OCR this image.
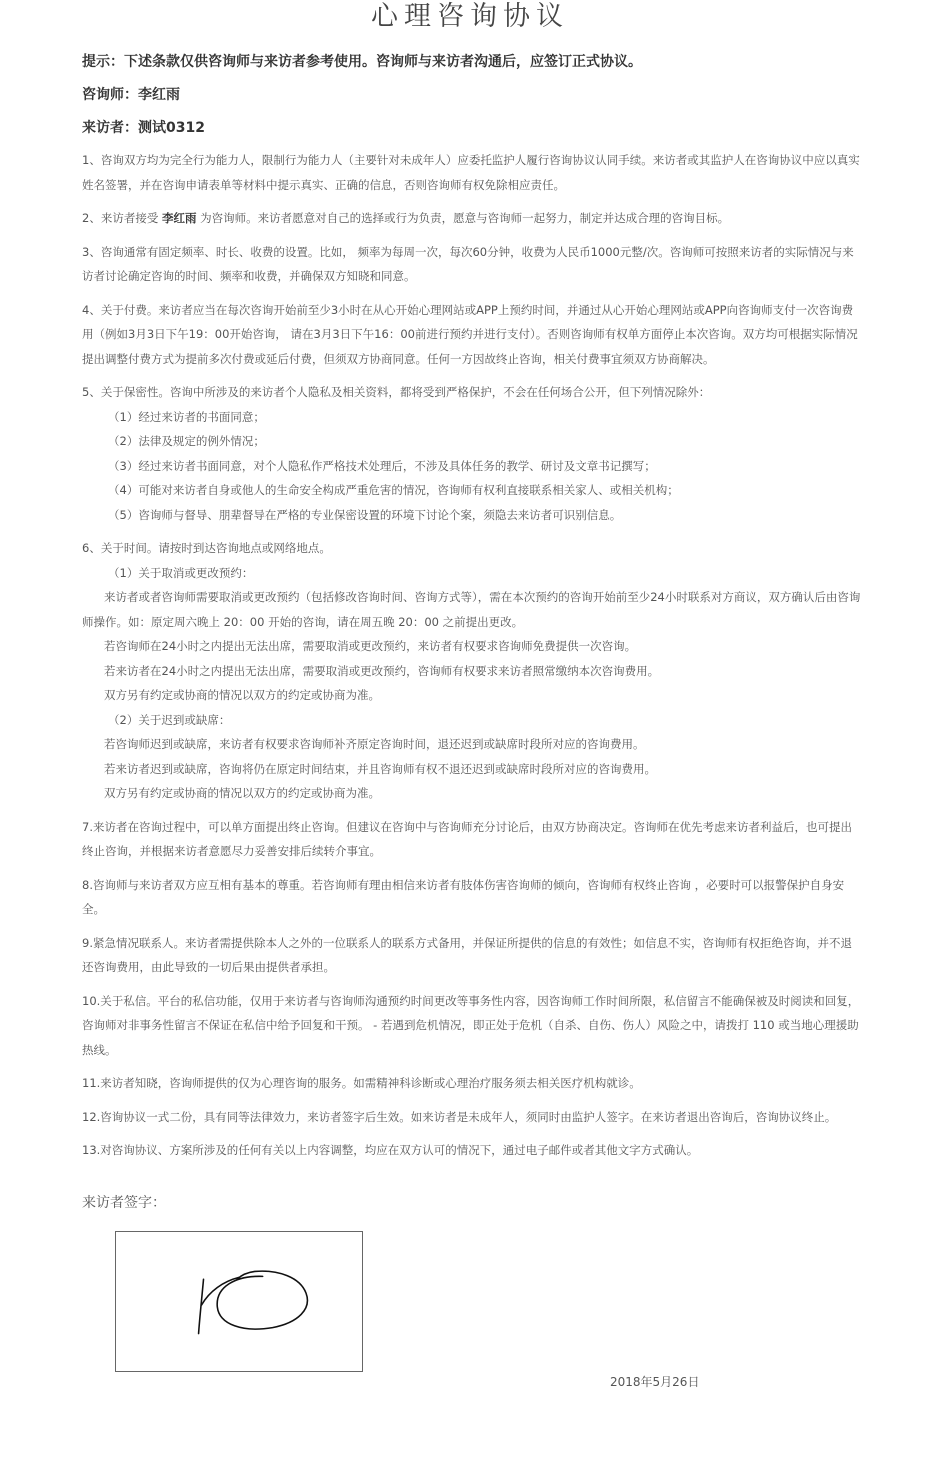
心理咨询协议
提示：下述条款仅供咨询师与来访者参考使用。咨询师与来访者沟通后，应签订正式协议。
咨询师：李红雨
来访者：测试0312

1、咨询双方均为完全行为能力人，限制行为能力人（主要针对未成年人）应委托监护人履行咨询协议认同手续。来访者或其监护人在咨询协议中应以真实姓名签署，并在咨询申请表单等材料中提示真实、正确的信息，否则咨询师有权免除相应责任。

2、来访者接受 李红雨 为咨询师。来访者愿意对自己的选择或行为负责，愿意与咨询师一起努力，制定并达成合理的咨询目标。

3、咨询通常有固定频率、时长、收费的设置。比如， 频率为每周一次，每次60分钟，收费为人民币1000元整/次。咨询师可按照来访者的实际情况与来访者讨论确定咨询的时间、频率和收费，并确保双方知晓和同意。

4、关于付费。来访者应当在每次咨询开始前至少3小时在从心开始心理网站或APP上预约时间，并通过从心开始心理网站或APP向咨询师支付一次咨询费用（例如3月3日下午19：00开始咨询， 请在3月3日下午16：00前进行预约并进行支付）。否则咨询师有权单方面停止本次咨询。双方均可根据实际情况提出调整付费方式为提前多次付费或延后付费，但须双方协商同意。任何一方因故终止咨询，相关付费事宜须双方协商解决。

5、关于保密性。咨询中所涉及的来访者个人隐私及相关资料，都将受到严格保护，不会在任何场合公开，但下列情况除外：

（1）经过来访者的书面同意；

（2）法律及规定的例外情况；

（3）经过来访者书面同意，对个人隐私作严格技术处理后，不涉及具体任务的教学、研讨及文章书记撰写；

（4）可能对来访者自身或他人的生命安全构成严重危害的情况，咨询师有权利直接联系相关家人、或相关机构；

（5）咨询师与督导、朋辈督导在严格的专业保密设置的环境下讨论个案，须隐去来访者可识别信息。

6、关于时间。请按时到达咨询地点或网络地点。

（1）关于取消或更改预约：

来访者或者咨询师需要取消或更改预约（包括修改咨询时间、咨询方式等），需在本次预约的咨询开始前至少24小时联系对方商议，双方确认后由咨询师操作。如：原定周六晚上 20：00 开始的咨询，请在周五晚 20：00 之前提出更改。

若咨询师在24小时之内提出无法出席，需要取消或更改预约，来访者有权要求咨询师免费提供一次咨询。

若来访者在24小时之内提出无法出席，需要取消或更改预约，咨询师有权要求来访者照常缴纳本次咨询费用。

双方另有约定或协商的情况以双方的约定或协商为准。

（2）关于迟到或缺席：

若咨询师迟到或缺席，来访者有权要求咨询师补齐原定咨询时间，退还迟到或缺席时段所对应的咨询费用。

若来访者迟到或缺席，咨询将仍在原定时间结束，并且咨询师有权不退还迟到或缺席时段所对应的咨询费用。

双方另有约定或协商的情况以双方的约定或协商为准。

7.来访者在咨询过程中，可以单方面提出终止咨询。但建议在咨询中与咨询师充分讨论后，由双方协商决定。咨询师在优先考虑来访者利益后，也可提出终止咨询，并根据来访者意愿尽力妥善安排后续转介事宜。

8.咨询师与来访者双方应互相有基本的尊重。若咨询师有理由相信来访者有肢体伤害咨询师的倾向，咨询师有权终止咨询 ，必要时可以报警保护自身安全。

9.紧急情况联系人。来访者需提供除本人之外的一位联系人的联系方式备用，并保证所提供的信息的有效性；如信息不实，咨询师有权拒绝咨询，并不退还咨询费用，由此导致的一切后果由提供者承担。

10.关于私信。平台的私信功能，仅用于来访者与咨询师沟通预约时间更改等事务性内容，因咨询师工作时间所限，私信留言不能确保被及时阅读和回复，咨询师对非事务性留言不保证在私信中给予回复和干预。 - 若遇到危机情况，即正处于危机（自杀、自伤、伤人）风险之中，请拨打 110 或当地心理援助热线。

11.来访者知晓，咨询师提供的仅为心理咨询的服务。如需精神科诊断或心理治疗服务须去相关医疗机构就诊。

12.咨询协议一式二份，具有同等法律效力，来访者签字后生效。如来访者是未成年人，须同时由监护人签字。在来访者退出咨询后，咨询协议终止。

13.对咨询协议、方案所涉及的任何有关以上内容调整，均应在双方认可的情况下，通过电子邮件或者其他文字方式确认。

来访者签字：
2018年5月26日
